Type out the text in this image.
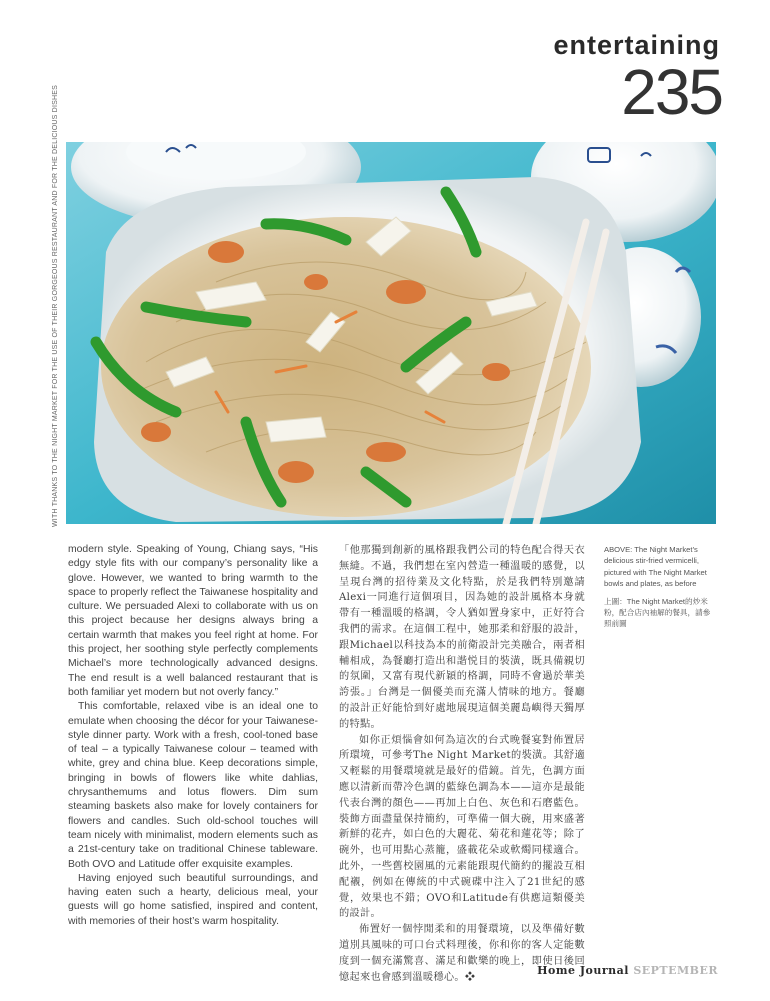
entertaining
235
WITH THANKS TO THE NIGHT MARKET FOR THE USE OF THEIR GORGEOUS RESTAURANT AND FOR THE DELICIOUS DISHES

modern style. Speaking of Young, Chiang says, “His edgy style fits with our company’s personality like a glove. However, we wanted to bring warmth to the space to properly reflect the Taiwanese hospitality and culture. We persuaded Alexi to collaborate with us on this project because her designs always bring a certain warmth that makes you feel right at home. For this project, her soothing style perfectly complements Michael’s more technologically advanced designs. The end result is a well balanced restaurant that is both familiar yet modern but not overly fancy.”

This comfortable, relaxed vibe is an ideal one to emulate when choosing the décor for your Taiwanese-style dinner party. Work with a fresh, cool-toned base of teal – a typically Taiwanese colour – teamed with white, grey and china blue. Keep decorations simple, bringing in bowls of flowers like white dahlias, chrysanthemums and lotus flowers. Dim sum steaming baskets also make for lovely containers for flowers and candles. Such old-school touches will team nicely with minimalist, modern elements such as a 21st-century take on traditional Chinese tableware. Both OVO and Latitude offer exquisite examples.

Having enjoyed such beautiful surroundings, and having eaten such a hearty, delicious meal, your guests will go home satisfied, inspired and content, with memories of their host’s warm hospitality.

「他那獨到創新的風格跟我們公司的特色配合得天衣無縫。不過，我們想在室內營造一種溫暖的感覺，以呈現台灣的招待業及文化特點，於是我們特別邀請Alexi一同進行這個項目，因為她的設計風格本身就帶有一種溫暖的格調，令人猶如置身家中，正好符合我們的需求。在這個工程中，她那柔和舒服的設計，跟Michael以科技為本的前衛設計完美融合，兩者相輔相成，為餐廳打造出和諧悦目的裝潢，既具備親切的氛圍，又富有現代新穎的格調，同時不會過於華美誇張。」台灣是一個優美而充滿人情味的地方。餐廳的設計正好能恰到好處地展現這個美麗島嶼得天獨厚的特點。

如你正煩惱會如何為這次的台式晚餐宴對佈置居所環境，可參考The Night Market的裝潢。其舒適又輕鬆的用餐環境就是最好的借鏡。首先，色調方面應以清新而帶冷色調的藍綠色調為本——這亦是最能代表台灣的顏色——再加上白色、灰色和石磨藍色。裝飾方面盡量保持簡約，可準備一個大碗，用來盛著新鮮的花卉，如白色的大麗花、菊花和蓮花等；除了碗外，也可用點心蒸籠，盛載花朵或軟燭同樣適合。此外，一些舊校園風的元素能跟現代簡約的擺設互相配襯，例如在傳統的中式碗碟中注入了21世紀的感覺，效果也不錯；OVO和Latitude有供應這類優美的設計。

佈置好一個悖閒柔和的用餐環境，以及準備好數道別具風味的可口台式料理後，你和你的客人定能數度到一個充滿驚喜、滿足和歡樂的晚上，即使日後回憶起來也會感到溫暖穩心。❖

ABOVE: The Night Market’s delicious stir-fried vermicelli, pictured with The Night Market bowls and plates, as before

上圖：The Night Market的炒米粉，配合店內袖解的餐具，請參照前圖

Home Journal SEPTEMBER
